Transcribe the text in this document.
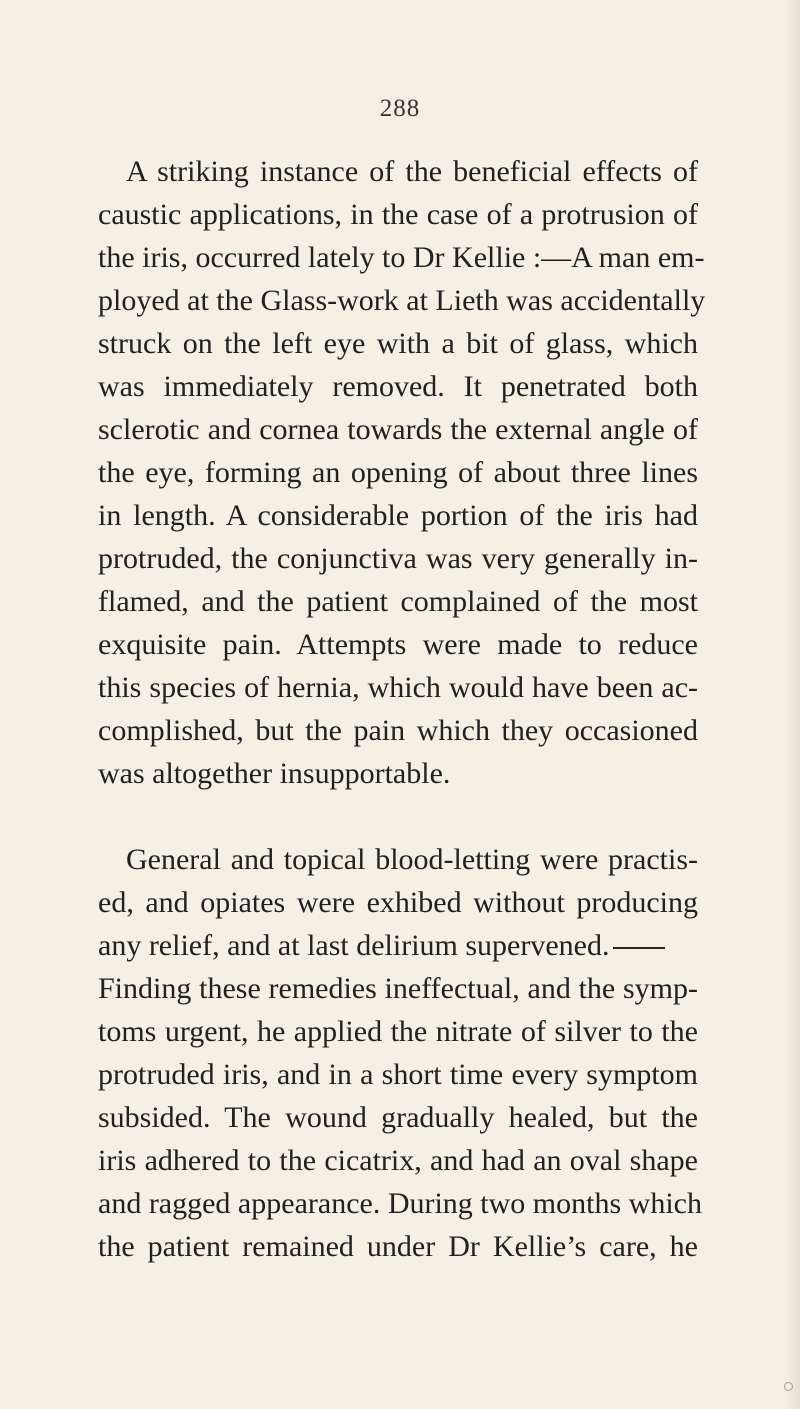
288
A striking instance of the beneficial effects of
caustic applications, in the case of a protrusion of
the iris, occurred lately to Dr Kellie :—A man em-
ployed at the Glass-work at Lieth was accidentally
struck on the left eye with a bit of glass, which
was immediately removed. It penetrated both
sclerotic and cornea towards the external angle of
the eye, forming an opening of about three lines
in length. A considerable portion of the iris had
protruded, the conjunctiva was very generally in-
flamed, and the patient complained of the most
exquisite pain. Attempts were made to reduce
this species of hernia, which would have been ac-
complished, but the pain which they occasioned
was altogether insupportable.
General and topical blood-letting were practis-
ed, and opiates were exhibed without producing
any relief, and at last delirium supervened.
Finding these remedies ineffectual, and the symp-
toms urgent, he applied the nitrate of silver to the
protruded iris, and in a short time every symptom
subsided. The wound gradually healed, but the
iris adhered to the cicatrix, and had an oval shape
and ragged appearance. During two months which
the patient remained under Dr Kellie’s care, he
